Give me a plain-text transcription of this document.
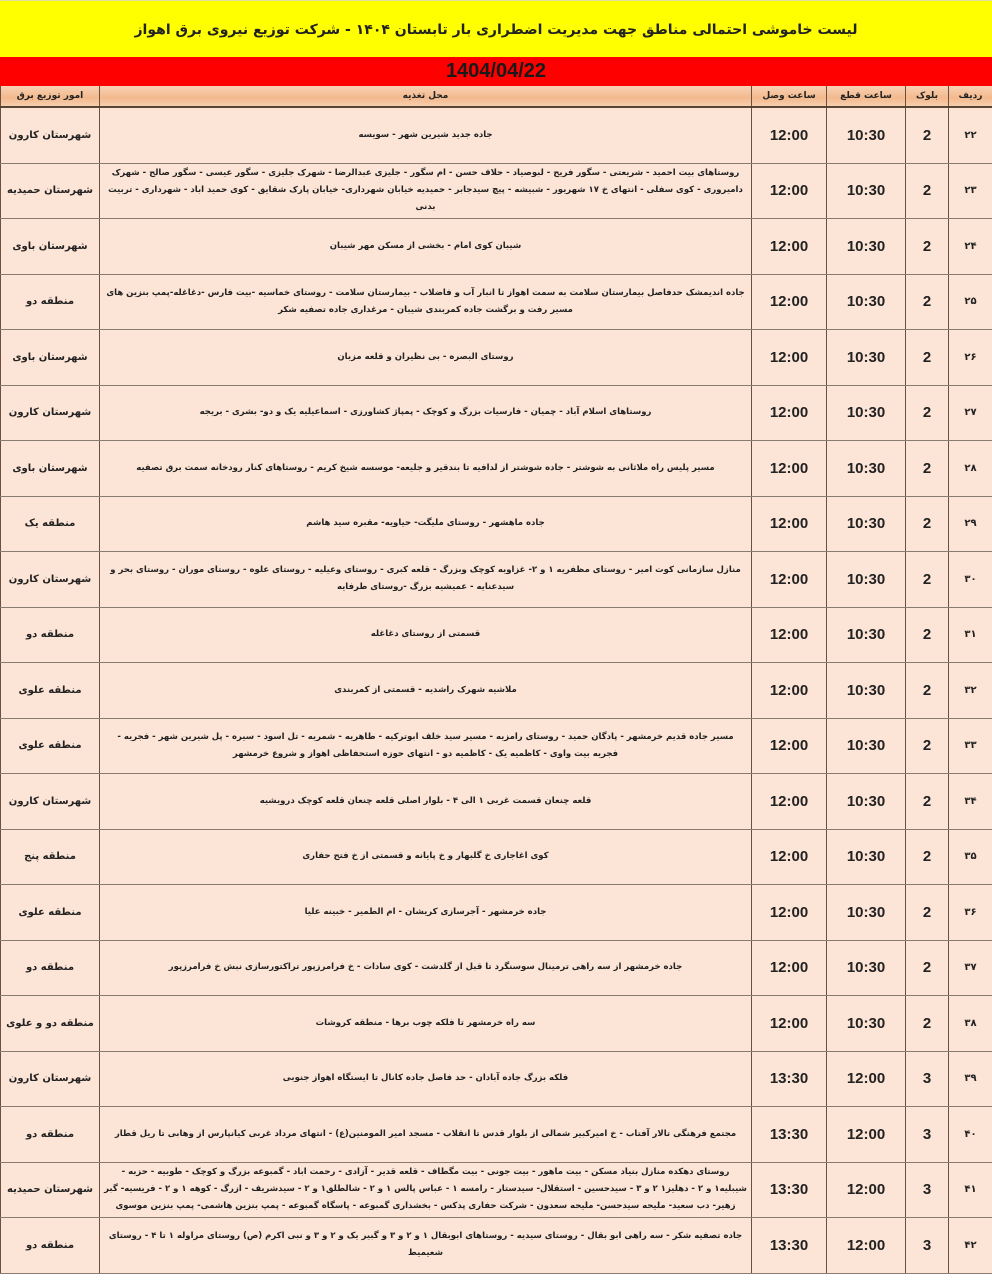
لیست خاموشی احتمالی مناطق جهت مدیریت اضطراری بار تابستان ۱۴۰۴ - شرکت توزیع نیروی برق اهواز
1404/04/22
ردیف	بلوک	ساعت قطع	ساعت وصل	محل تغذیه	امور توزیع برق
۲۲	2	10:30	12:00	جاده جدید شیرین شهر - سویسه	شهرستان کارون
۲۳	2	10:30	12:00	روستاهای بیت احمید - شریعتی - سگور فریح - لبوصیاد - حلاف حسن - ام سگور - جلیزی عبدالرضا - شهرک جلیزی - سگور عیسی - سگور صالح - شهرک دامیروری - کوی سفلی - انتهای خ ۱۷ شهریور - شبیشه - پیچ سیدجابر - حمیدیه خیابان شهرداری- خیابان پارک شقایق - کوی حمید اباد - شهرداری - تربیت بدنی	شهرستان حمیدیه
۲۴	2	10:30	12:00	شیبان کوی امام - بخشی از مسکن مهر شیبان	شهرستان باوی
۲۵	2	10:30	12:00	جاده اندیمشک حدفاصل بیمارستان سلامت به سمت اهواز تا انبار آب و فاضلاب - بیمارستان سلامت - روستای خماسیه -بیت فارس -دغاغله-پمپ بنزین های مسیر رفت و برگشت جاده کمربندی شیبان - مرغداری جاده تصفیه شکر	منطقه دو
۲۶	2	10:30	12:00	روستای البصره - بی نظیران و قلعه مزبان	شهرستان باوی
۲۷	2	10:30	12:00	روستاهای اسلام آباد - چمیان - فارسیات بزرگ و کوچک - پمپاژ کشاورزی - اسماعیلیه یک و دو- بشری - بریجه	شهرستان کارون
۲۸	2	10:30	12:00	مسیر پلیس راه ملاثانی به شوشتر - جاده شوشتر از لدافیه تا بندقیر و جلیعه- موسسه شیخ کریم - روستاهای کنار رودخانه سمت برق تصفیه	شهرستان باوی
۲۹	2	10:30	12:00	جاده ماهشهر - روستای ملیگت- حیاویه- مقبره سید هاشم	منطقه یک
۳۰	2	10:30	12:00	منازل سازمانی کوت امیر - روستای مظفریه ۱ و ۲- غزاویه کوچک وبزرگ - قلعه کبری - روستای وعیلیه - روستای علوه - روستای موران - روستای بحر و سیدعنایه - عمیشیه بزرگ -روستای طرفایه	شهرستان کارون
۳۱	2	10:30	12:00	قسمتی از روستای دغاغله	منطقه دو
۳۲	2	10:30	12:00	ملاشیه شهرک راشدیه - قسمتی از کمربندی	منطقه علوی
۳۳	2	10:30	12:00	مسیر جاده قدیم خرمشهر - پادگان حمید - روستای رامزیه - مسیر سید خلف ابوترکیه - طاهریه - شمریه - تل اسود - سیره - پل شیرین شهر - فجریه - فجریه بیت واوی - کاظمیه یک - کاظمیه دو - انتهای حوزه استحفاظی اهواز و شروع خرمشهر	منطقه علوی
۳۴	2	10:30	12:00	قلعه چنعان قسمت غربی ۱ الی ۴ - بلوار اصلی قلعه چنعان قلعه کوچک درویشیه	شهرستان کارون
۳۵	2	10:30	12:00	کوی اغاجاری خ گلبهار و خ پایانه و قسمتی از خ فتح حفاری	منطقه پنج
۳۶	2	10:30	12:00	جاده خرمشهر - آجرسازی کریشان - ام الطمیر - خبینه علیا	منطقه علوی
۳۷	2	10:30	12:00	جاده خرمشهر از سه راهی ترمینال سوسنگرد تا قبل از گلدشت - کوی سادات - خ فرامرزپور تراکتورسازی نبش خ فرامرزپور	منطقه دو
۳۸	2	10:30	12:00	سه راه خرمشهر تا فلکه چوب برها - منطقه کروشات	منطقه دو و علوی
۳۹	3	12:00	13:30	فلکه بزرگ جاده آبادان - حد فاصل جاده کانال تا ایستگاه اهواز جنوبی	شهرستان کارون
۴۰	3	12:00	13:30	مجتمع فرهنگی تالار آفتاب - خ امیرکبیر شمالی از بلوار قدس تا انقلاب - مسجد امیر المومنین(ع) - انتهای مرداد غربی کیانپارس از وهابی تا ریل قطار	منطقه دو
۴۱	3	12:00	13:30	روستای دهکده منازل بنیاد مسکن - بیت ماهور - بیت جونی - بیت مگطاف - قلعه قدیر - آزادی - رحمت اباد - گمبوعه بزرگ و کوچک - طوبیه - حزبه - شیبلیه۱ و ۲ - دهلیز۱ ۲ و ۳ - سیدحسین - استقلال- سیدستار - رامسه ۱ - عباس پالس ۱ و ۲ - شالطلق۱ و ۲ - سیدشریف - ازرگ - کوهه ۱ و ۲ - فریسیه- گبر زهیر- دب سعید- ملیحه سیدحسن- ملیحه سعدون - شرکت حفاری پدکس - بخشداری گمبوعه - پاسگاه گمبوعه - پمپ بنزین هاشمی- پمپ بنزین موسوی	شهرستان حمیدیه
۴۲	3	12:00	13:30	جاده تصفیه شکر - سه راهی ابو بقال - روستای سیدیه - روستاهای ابوبقال ۱ و ۲ و ۳ و گبیر یک و ۲ و ۳ و نبی اکرم (ص) روستای مراوله ۱ تا ۴ - روستای شعیمیط	منطقه دو
